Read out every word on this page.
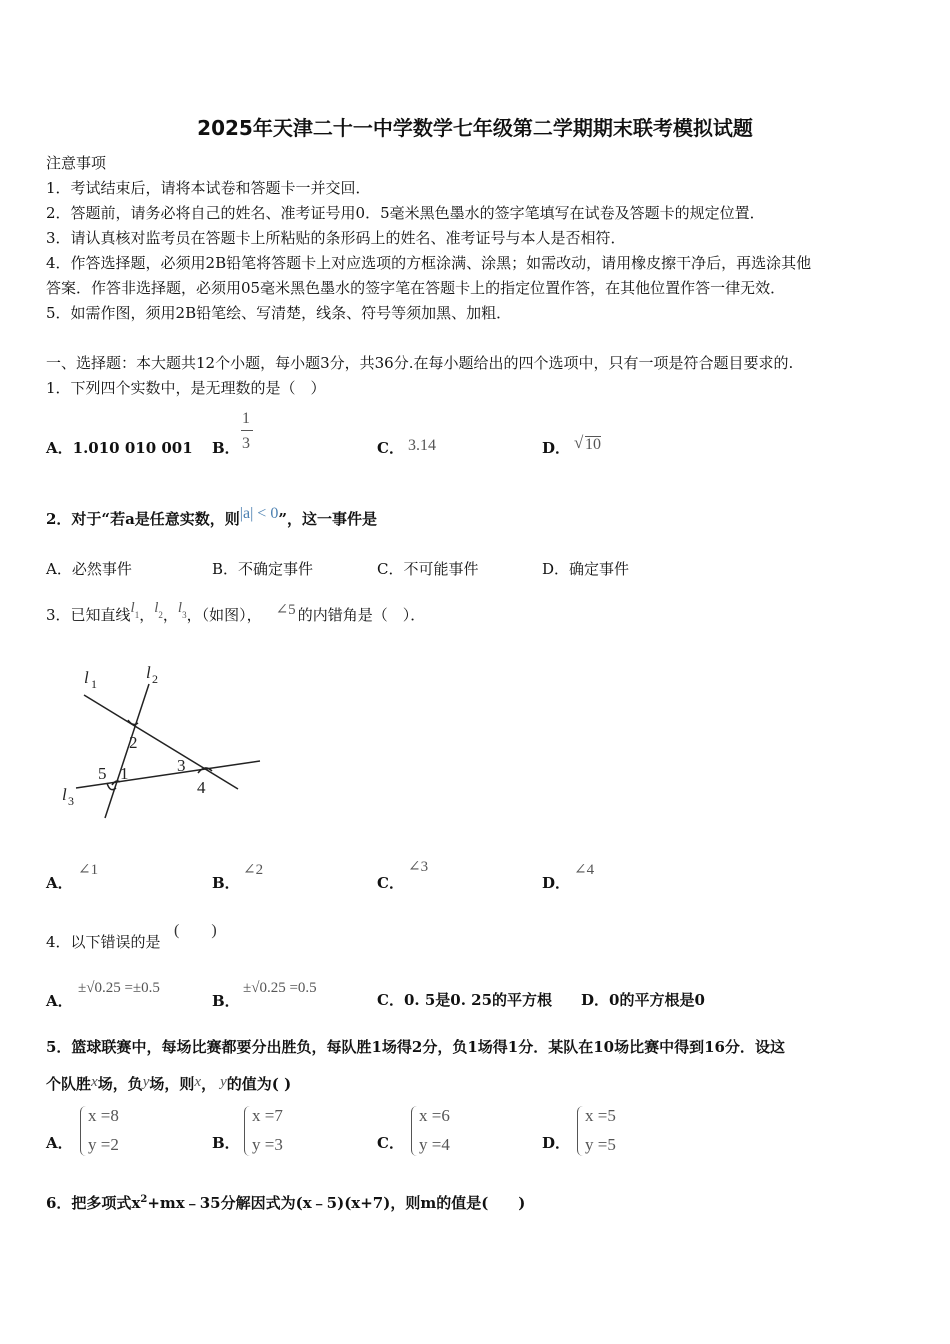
2025年天津二十一中学数学七年级第二学期期末联考模拟试题
注意事项
1．考试结束后，请将本试卷和答题卡一并交回．
2．答题前，请务必将自己的姓名、准考证号用0．5毫米黑色墨水的签字笔填写在试卷及答题卡的规定位置．
3．请认真核对监考员在答题卡上所粘贴的条形码上的姓名、准考证号与本人是否相符．
4．作答选择题，必须用2B铅笔将答题卡上对应选项的方框涂满、涂黑；如需改动，请用橡皮擦干净后，再选涂其他
答案．作答非选择题，必须用05毫米黑色墨水的签字笔在答题卡上的指定位置作答，在其他位置作答一律无效．
5．如需作图，须用2B铅笔绘、写清楚，线条、符号等须加黑、加粗．
一、选择题：本大题共12个小题，每小题3分，共36分.在每小题给出的四个选项中，只有一项是符合题目要求的.
1．下列四个实数中，是无理数的是（　）
A．1.010 010 001 B．
1
3	C． 3.14	D． √ 10
2．对于“若a是任意实数，则|a| < 0”，这一事件是
A．必然事件	B．不确定事件	C．不可能事件	D．确定事件
3．已知直线$l_1$，$l_2$，$l_3$，（如图）， ∠5 的内错角是（　）．
l 1
l 2
l 3
2
1
5	3
4
A．
∠1
B．
∠2
C．
∠3
D．
∠4
4．以下错误的是
(　　)
A．
±√0.25 =±0.5
B．
±√0.25 =0.5
C．0. 5是0. 25的平方根 D．0的平方根是0
5．篮球联赛中，每场比赛都要分出胜负，每队胜1场得2分，负1场得1分．某队在10场比赛中得到16分．设这
个队胜x场，负y场，则x， y的值为( )
A．
x =8
y =2	B．
x =7
y =3	C．
x =6
y =4	D．
x =5
y =5
6．把多项式$x^2+mx﹣35$分解因式为(x﹣5)(x+7)，则m的值是(　　)
